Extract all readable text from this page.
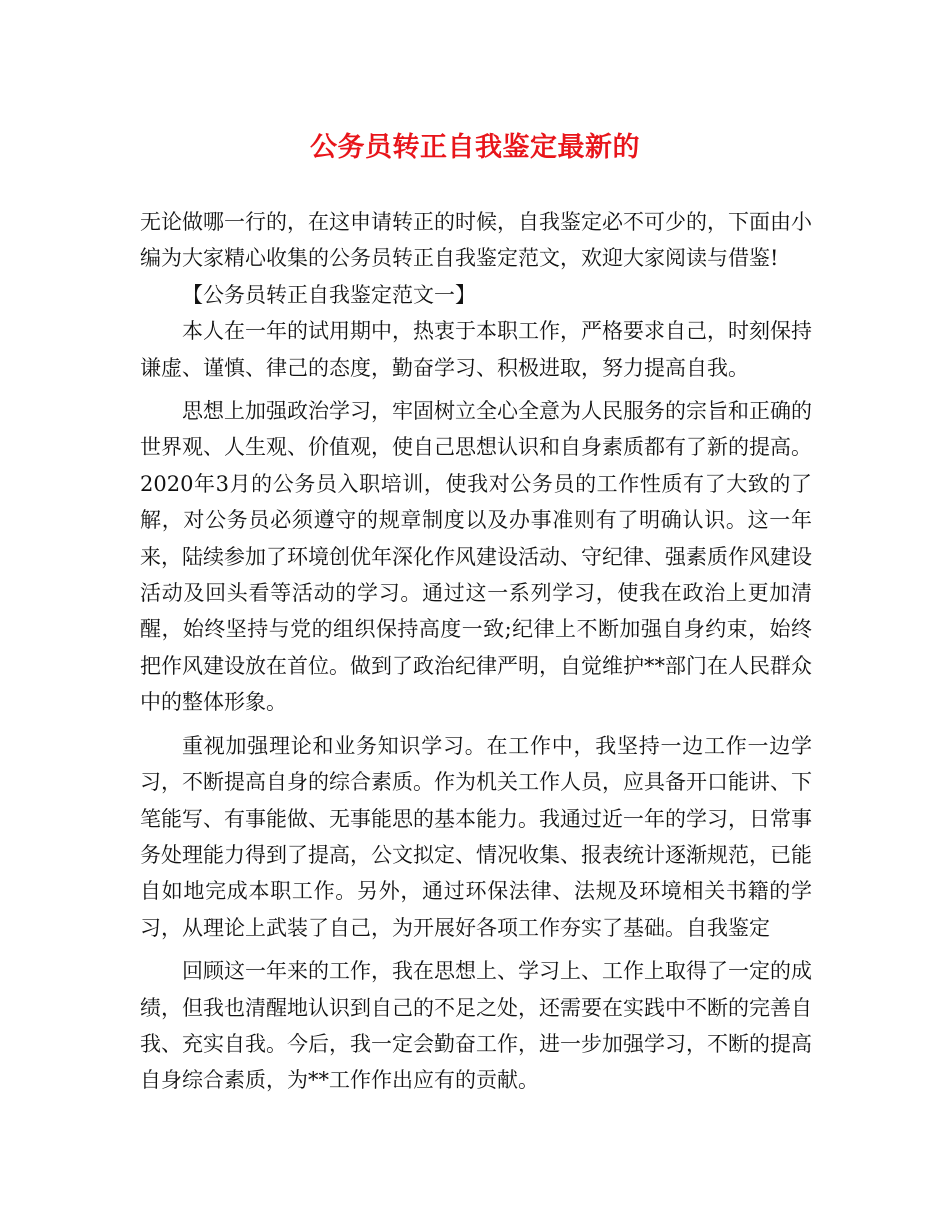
公务员转正自我鉴定最新的

无论做哪一行的，在这申请转正的时候，自我鉴定必不可少的，下面由小编为大家精心收集的公务员转正自我鉴定范文，欢迎大家阅读与借鉴!

【公务员转正自我鉴定范文一】

本人在一年的试用期中，热衷于本职工作，严格要求自己，时刻保持谦虚、谨慎、律己的态度，勤奋学习、积极进取，努力提高自我。

思想上加强政治学习，牢固树立全心全意为人民服务的宗旨和正确的世界观、人生观、价值观，使自己思想认识和自身素质都有了新的提高。2020年3月的公务员入职培训，使我对公务员的工作性质有了大致的了解，对公务员必须遵守的规章制度以及办事准则有了明确认识。这一年来，陆续参加了环境创优年深化作风建设活动、守纪律、强素质作风建设活动及回头看等活动的学习。通过这一系列学习，使我在政治上更加清醒，始终坚持与党的组织保持高度一致;纪律上不断加强自身约束，始终把作风建设放在首位。做到了政治纪律严明，自觉维护**部门在人民群众中的整体形象。

重视加强理论和业务知识学习。在工作中，我坚持一边工作一边学习，不断提高自身的综合素质。作为机关工作人员，应具备开口能讲、下笔能写、有事能做、无事能思的基本能力。我通过近一年的学习，日常事务处理能力得到了提高，公文拟定、情况收集、报表统计逐渐规范，已能自如地完成本职工作。另外，通过环保法律、法规及环境相关书籍的学习，从理论上武装了自己，为开展好各项工作夯实了基础。自我鉴定

回顾这一年来的工作，我在思想上、学习上、工作上取得了一定的成绩，但我也清醒地认识到自己的不足之处，还需要在实践中不断的完善自我、充实自我。今后，我一定会勤奋工作，进一步加强学习，不断的提高自身综合素质，为**工作作出应有的贡献。
